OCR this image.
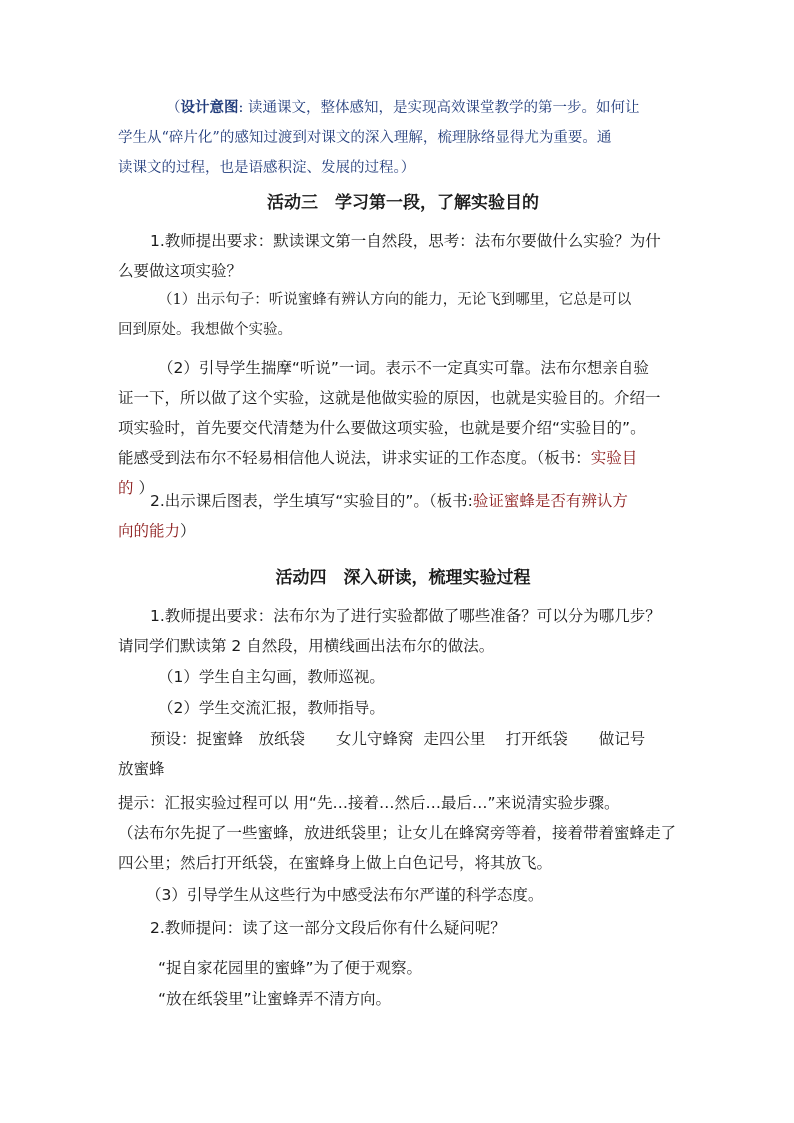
（设计意图: 读通课文，整体感知，是实现高效课堂教学的第一步。如何让
学生从“碎片化”的感知过渡到对课文的深入理解，梳理脉络显得尤为重要。通
读课文的过程，也是语感积淀、发展的过程。）
活动三　学习第一段，了解实验目的
1.教师提出要求：默读课文第一自然段，思考：法布尔要做什么实验？为什
么要做这项实验？
（1）出示句子：听说蜜蜂有辨认方向的能力，无论飞到哪里，它总是可以
回到原处。我想做个实验。
（2）引导学生揣摩“听说”一词。表示不一定真实可靠。法布尔想亲自验
证一下，所以做了这个实验，这就是他做实验的原因，也就是实验目的。介绍一
项实验时，首先要交代清楚为什么要做这项实验，也就是要介绍“实验目的”。
能感受到法布尔不轻易相信他人说法，讲求实证的工作态度。（板书：实验目
的 ）
2.出示课后图表，学生填写“实验目的”。（板书:验证蜜蜂是否有辨认方
向的能力）
活动四　深入研读，梳理实验过程
1.教师提出要求：法布尔为了进行实验都做了哪些准备？可以分为哪几步？
请同学们默读第 2 自然段，用横线画出法布尔的做法。
（1）学生自主勾画，教师巡视。
（2）学生交流汇报，教师指导。
预设：捉蜜蜂　放纸袋　　女儿守蜂窝  走四公里　 打开纸袋　　做记号
放蜜蜂
提示：汇报实验过程可以 用“先…接着…然后…最后…”来说清实验步骤。
（法布尔先捉了一些蜜蜂，放进纸袋里；让女儿在蜂窝旁等着，接着带着蜜蜂走了
四公里；然后打开纸袋，在蜜蜂身上做上白色记号，将其放飞。
（3）引导学生从这些行为中感受法布尔严谨的科学态度。
2.教师提问：读了这一部分文段后你有什么疑问呢？
“捉自家花园里的蜜蜂”为了便于观察。
“放在纸袋里”让蜜蜂弄不清方向。
